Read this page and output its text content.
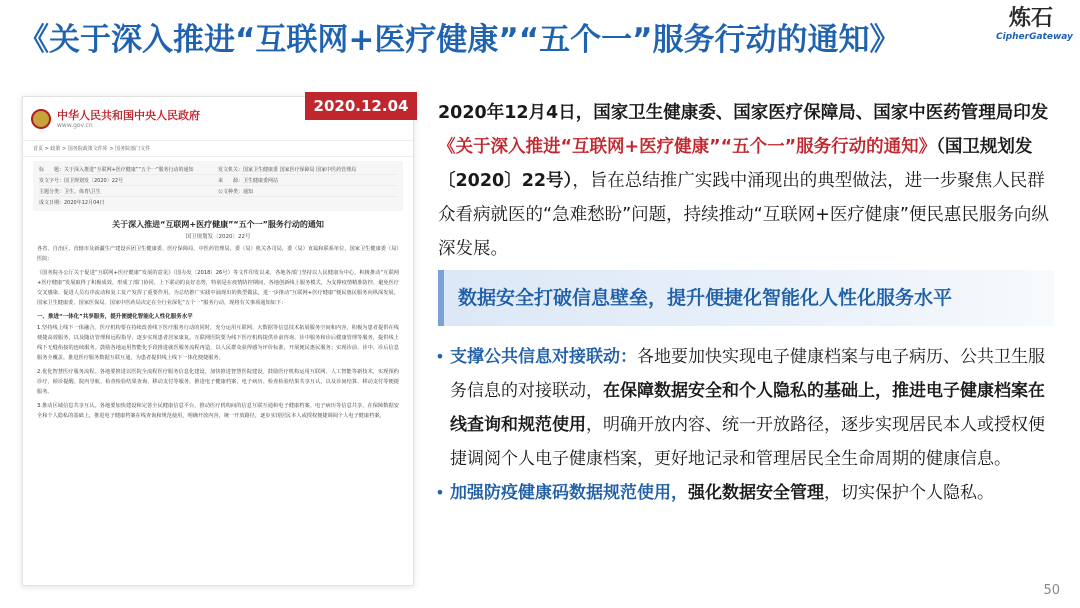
《关于深入推进“互联网+医疗健康”“五个一”服务行动的通知》
炼石
CipherGateway
2020.12.04
中华人民共和国中央人民政府
www.gov.cn
首页 > 政策 > 国务院政策文件库 > 国务院部门文件
标　　题：关于深入推进“互联网+医疗健康”“五个一”服务行动的通知	发文机关：国家卫生健康委 国家医疗保障局 国家中医药管理局
发文字号：国卫规划发〔2020〕22号	来　　源：卫生健康委网站
主题分类：卫生、体育\卫生	公文种类：通知
成文日期：2020年12月04日
关于深入推进“互联网+医疗健康”“五个一”服务行动的通知
国卫规划发〔2020〕22号
各省、自治区、直辖市及新疆生产建设兵团卫生健康委、医疗保障局、中医药管理局，委（局）机关各司局，委（局）直属和联系单位，国家卫生健康委（局）医院：
《国务院办公厅关于促进“互联网+医疗健康”发展的意见》（国办发〔2018〕26号）等文件印发以来，各地各部门坚持以人民健康为中心，积极推动“互联网+医疗健康”发展取得了积极成效，形成了部门协同、上下联动的良好态势，特别是在疫情防控期间，各地创新线上服务模式，为支撑疫情精准防控、避免医疗交叉感染、促进人员有序流动和复工复产发挥了重要作用。为总结推广实践中涌现出的典型做法，进一步推动“互联网+医疗健康”便民惠民服务向纵深发展，国家卫生健康委、国家医保局、国家中医药局决定在全行业深化“五个一”服务行动，现将有关事项通知如下：
一、推进“一体化”共享服务，提升便捷化智能化人性化服务水平
1.坚持线上线下一体融合。医疗机构要在持续改善线下医疗服务行动的同时，充分运用互联网、大数据等信息技术拓展服务空间和内容，积极为患者提供在线便捷高效服务，以及随访管理和远程指导，逐步实现患者居家康复。互联网医院要为线下医疗机构提供诊前咨询、诊中服务和诊后健康管理等服务，提供线上线下无缝衔接的连续服务。鼓励各地运用智能化手段推进就医服务流程再造，以人民群众获得感为评价标准，开展便民惠民服务；实现诊前、诊中、诊后信息服务全覆盖。推进医疗服务数据互联互通，为患者提供线上线下一体化便捷服务。
2.优化智慧医疗服务流程。各地要推进以医院全流程医疗服务信息化建设，加快推进智慧医院建设。鼓励医疗机构运用互联网、人工智能等新技术，实现预约诊疗、候诊提醒、院内导航、检查检验结果查询、移动支付等服务。推进电子健康档案、电子病历、检查检验结果共享互认，以及诊间结算、移动支付等便捷服务。
3.推动区域信息共享互认。各地要加快建设和完善全民健康信息平台，推动医疗机构间的信息互联互通和电子健康档案、电子病历等信息共享，在保障数据安全和个人隐私的基础上，推进电子健康档案在线查询和规范使用，明确开放内容，统一开放路径，逐步实现居民本人或授权便捷调阅个人电子健康档案。
2020年12月4日，国家卫生健康委、国家医疗保障局、国家中医药管理局印发《关于深入推进“互联网+医疗健康”“五个一”服务行动的通知》（国卫规划发〔2020〕22号），旨在总结推广实践中涌现出的典型做法，进一步聚焦人民群众看病就医的“急难愁盼”问题，持续推动“互联网+医疗健康”便民惠民服务向纵深发展。
数据安全打破信息壁垒，提升便捷化智能化人性化服务水平
• 支撑公共信息对接联动：各地要加快实现电子健康档案与电子病历、公共卫生服务信息的对接联动，在保障数据安全和个人隐私的基础上，推进电子健康档案在线查询和规范使用，明确开放内容、统一开放路径，逐步实现居民本人或授权便捷调阅个人电子健康档案，更好地记录和管理居民全生命周期的健康信息。
• 加强防疫健康码数据规范使用，强化数据安全管理，切实保护个人隐私。
50
